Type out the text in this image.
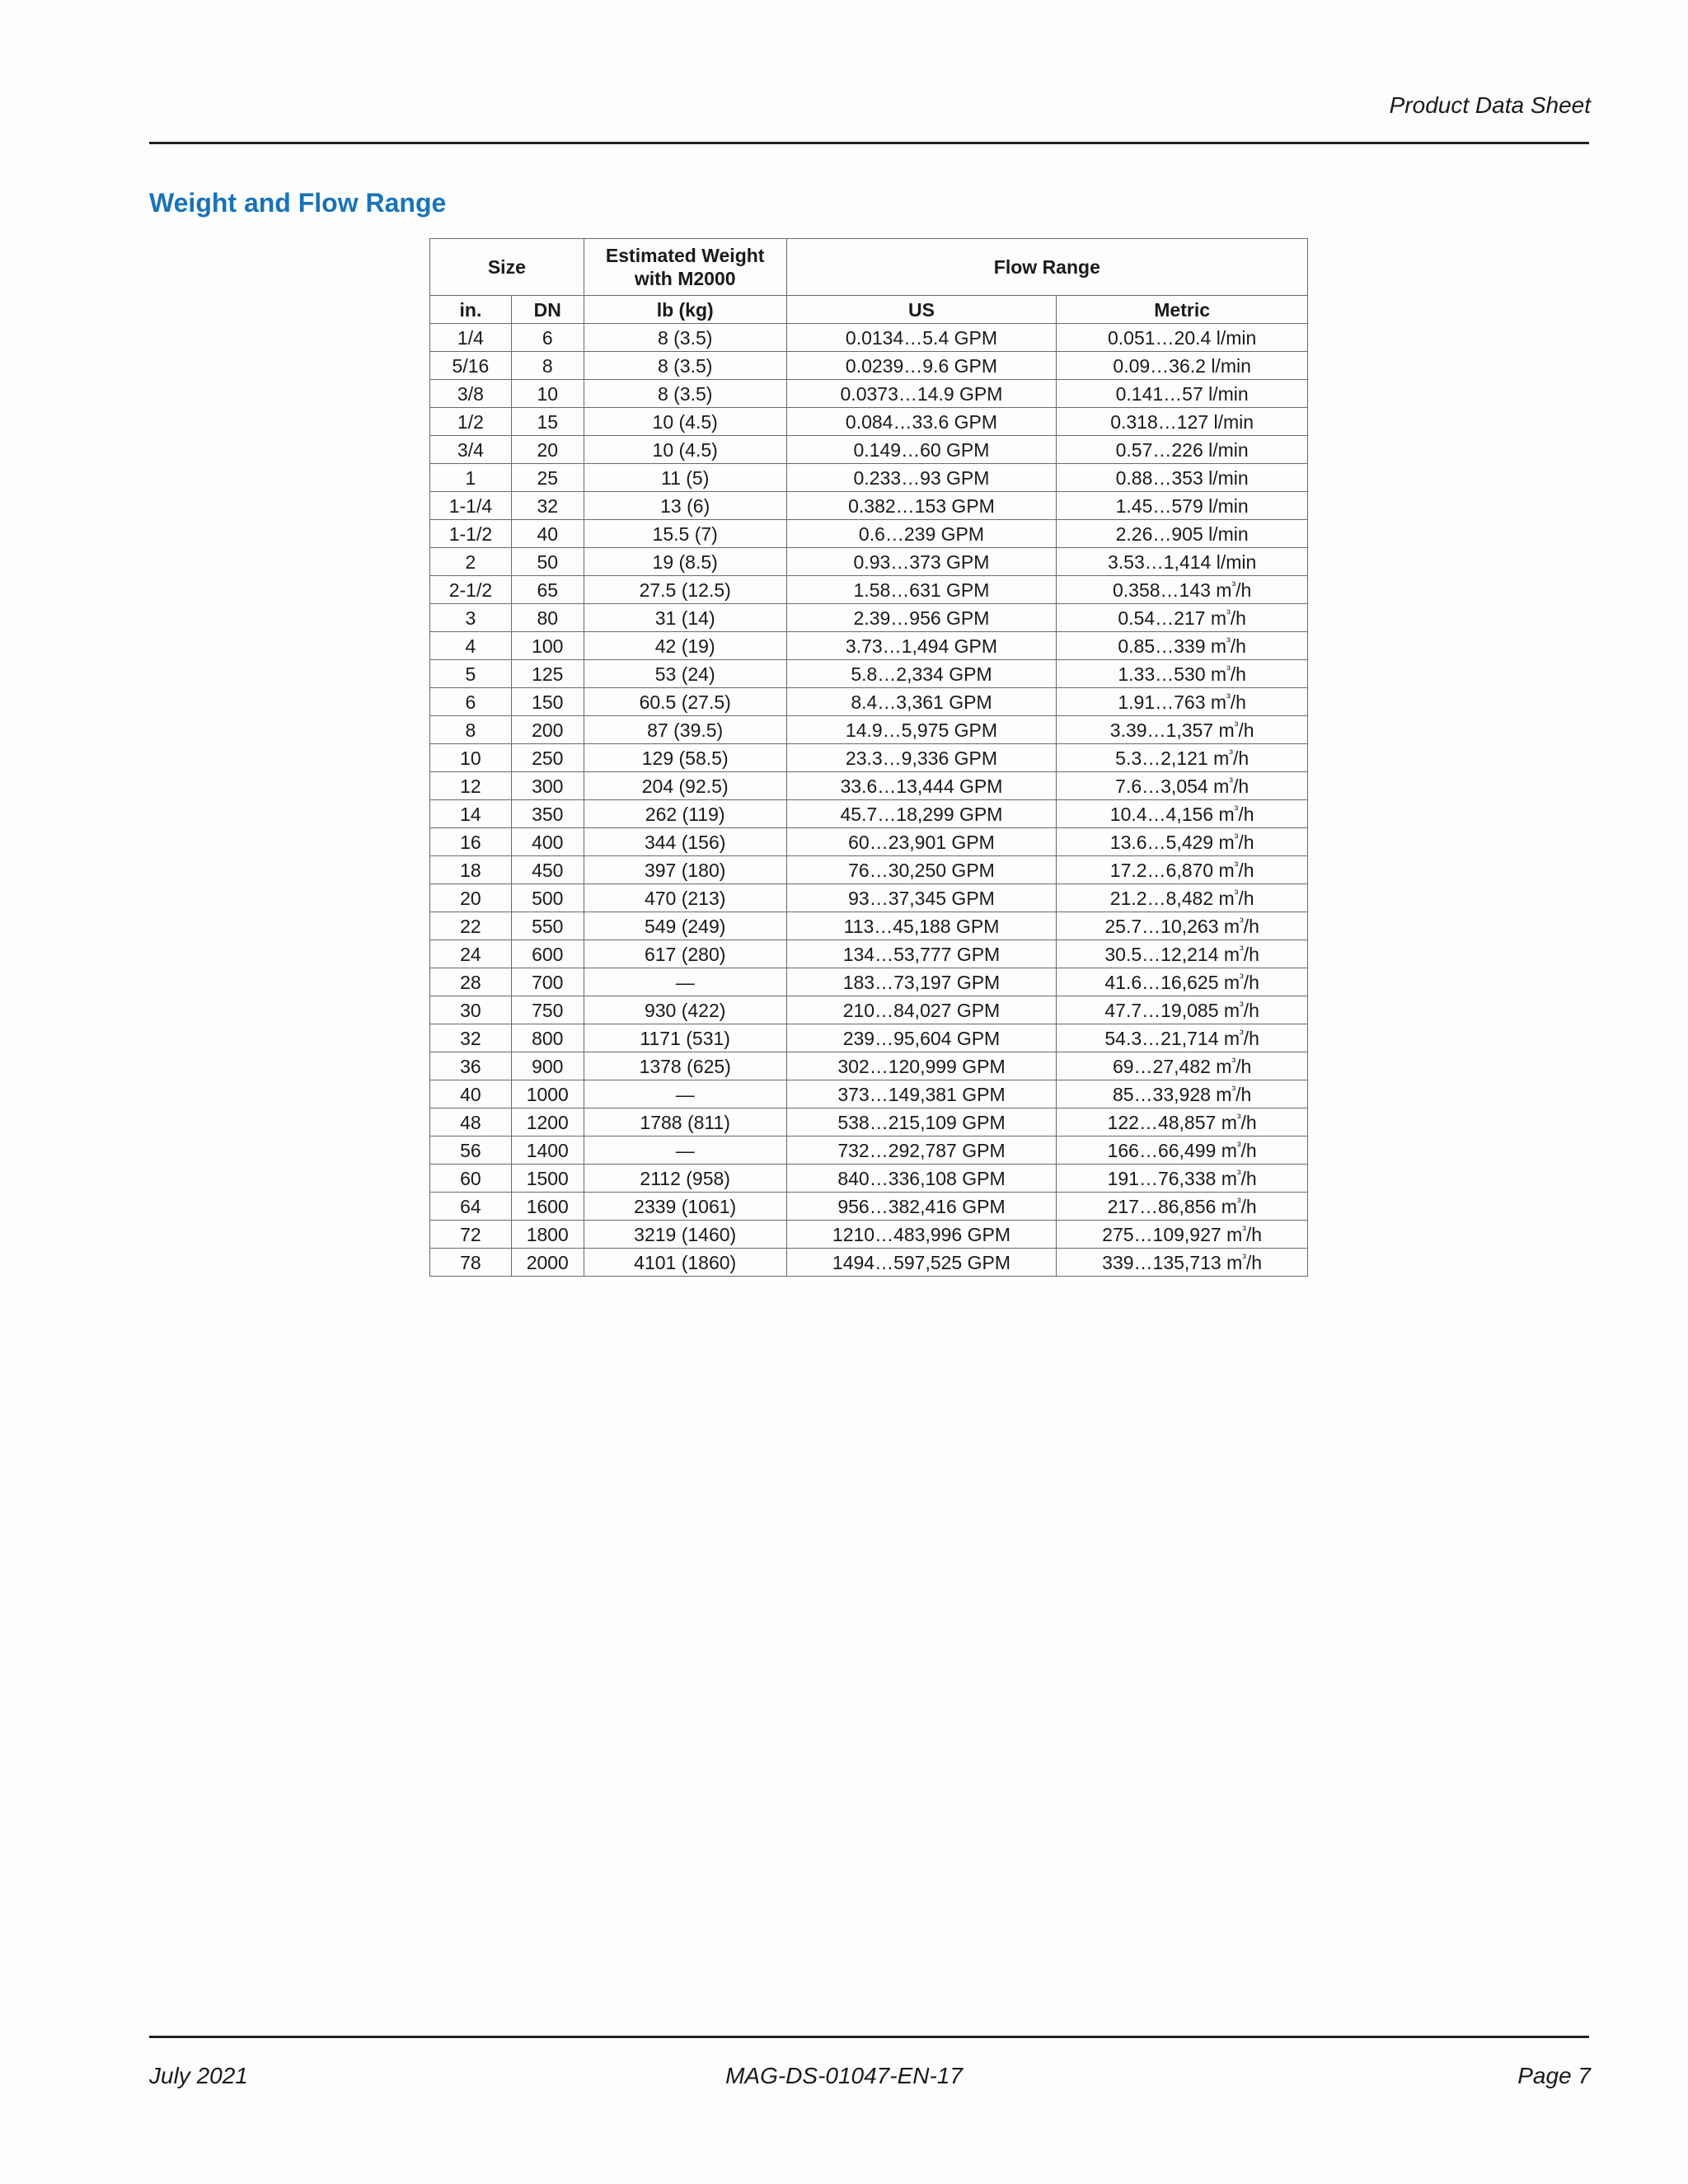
Product Data Sheet
Weight and Flow Range
Size		Estimated Weight with M2000	Flow Range	
in.	DN	lb (kg)	US	Metric
1/4	6	8 (3.5)	0.0134…5.4 GPM	0.051…20.4 l/min
5/16	8	8 (3.5)	0.0239…9.6 GPM	0.09…36.2 l/min
3/8	10	8 (3.5)	0.0373…14.9 GPM	0.141…57 l/min
1/2	15	10 (4.5)	0.084…33.6 GPM	0.318…127 l/min
3/4	20	10 (4.5)	0.149…60 GPM	0.57…226 l/min
1	25	11 (5)	0.233…93 GPM	0.88…353 l/min
1-1/4	32	13 (6)	0.382…153 GPM	1.45…579 l/min
1-1/2	40	15.5 (7)	0.6…239 GPM	2.26…905 l/min
2	50	19 (8.5)	0.93…373 GPM	3.53…1,414 l/min
2-1/2	65	27.5 (12.5)	1.58…631 GPM	0.358…143 $m^{^3}/h$
3	80	31 (14)	2.39…956 GPM	0.54…217 $m^{^3}/h$
4	100	42 (19)	3.73…1,494 GPM	0.85…339 $m^{^3}/h$
5	125	53 (24)	5.8…2,334 GPM	1.33…530 $m^{^3}/h$
6	150	60.5 (27.5)	8.4…3,361 GPM	1.91…763 $m^{^3}/h$
8	200	87 (39.5)	14.9…5,975 GPM	3.39…1,357 $m^{^3}/h$
10	250	129 (58.5)	23.3…9,336 GPM	5.3…2,121 $m^{^3}/h$
12	300	204 (92.5)	33.6…13,444 GPM	7.6…3,054 $m^{^3}/h$
14	350	262 (119)	45.7…18,299 GPM	10.4…4,156 $m^{^3}/h$
16	400	344 (156)	60…23,901 GPM	13.6…5,429 $m^{^3}/h$
18	450	397 (180)	76…30,250 GPM	17.2…6,870 $m^{^3}/h$
20	500	470 (213)	93…37,345 GPM	21.2…8,482 $m^{^3}/h$
22	550	549 (249)	113…45,188 GPM	25.7…10,263 $m^{^3}/h$
24	600	617 (280)	134…53,777 GPM	30.5…12,214 $m^{^3}/h$
28	700	—	183…73,197 GPM	41.6…16,625 $m^{^3}/h$
30	750	930 (422)	210…84,027 GPM	47.7…19,085 $m^{^3}/h$
32	800	1171 (531)	239…95,604 GPM	54.3…21,714 $m^{^3}/h$
36	900	1378 (625)	302…120,999 GPM	69…27,482 $m^{^3}/h$
40	1000	—	373…149,381 GPM	85…33,928 $m^{^3}/h$
48	1200	1788 (811)	538…215,109 GPM	122…48,857 $m^{^3}/h$
56	1400	—	732…292,787 GPM	166…66,499 $m^{^3}/h$
60	1500	2112 (958)	840…336,108 GPM	191…76,338 $m^{^3}/h$
64	1600	2339 (1061)	956…382,416 GPM	217…86,856 $m^{^3}/h$
72	1800	3219 (1460)	1210…483,996 GPM	275…109,927 $m^{^3}/h$
78	2000	4101 (1860)	1494…597,525 GPM	339…135,713 $m^{^3}/h$
July 2021	MAG-DS-01047-EN-17	Page 7
